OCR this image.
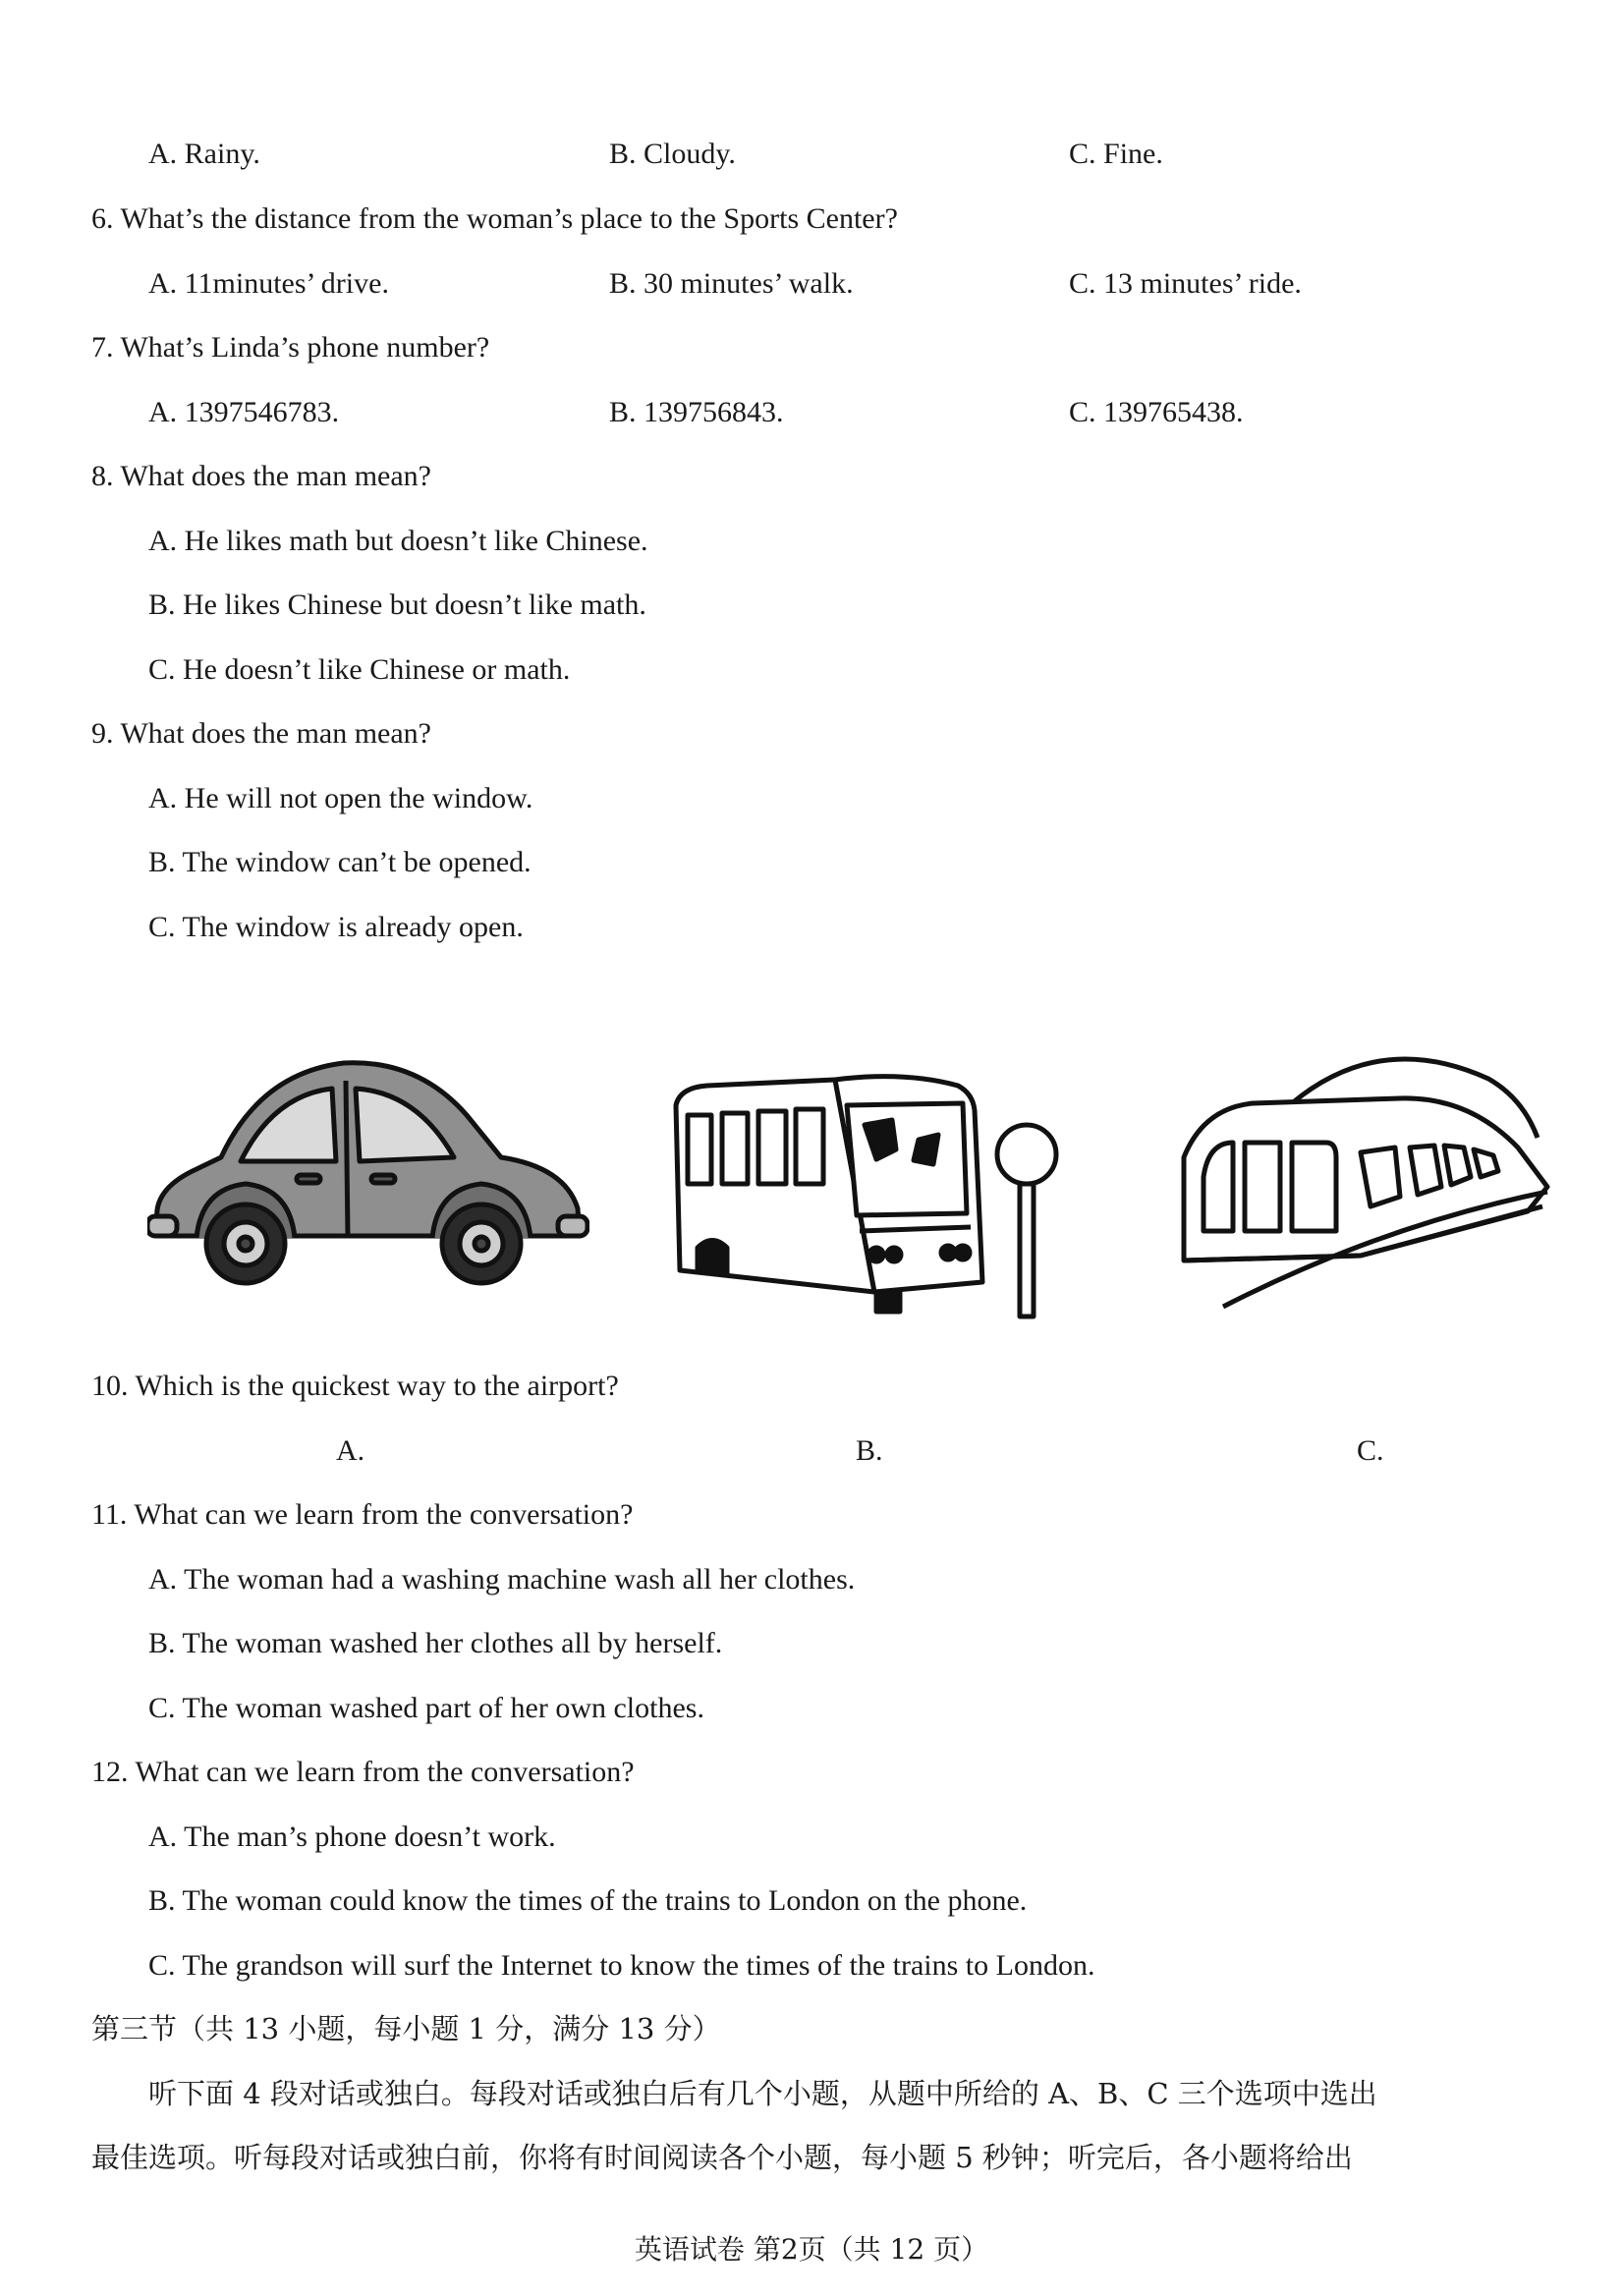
A. Rainy.	B. Cloudy.	C. Fine.
6. What’s the distance from the woman’s place to the Sports Center?
A. 11minutes’ drive.	B. 30 minutes’ walk.	C. 13 minutes’ ride.
7. What’s Linda’s phone number?
A. 1397546783.	B. 139756843.	C. 139765438.
8. What does the man mean?
A. He likes math but doesn’t like Chinese.
B. He likes Chinese but doesn’t like math.
C. He doesn’t like Chinese or math.
9. What does the man mean?
A. He will not open the window.
B. The window can’t be opened.
C. The window is already open.
10. Which is the quickest way to the airport?
A.	B.	C.
11. What can we learn from the conversation?
A. The woman had a washing machine wash all her clothes.
B. The woman washed her clothes all by herself.
C. The woman washed part of her own clothes.
12. What can we learn from the conversation?
A. The man’s phone doesn’t work.
B. The woman could know the times of the trains to London on the phone.
C. The grandson will surf the Internet to know the times of the trains to London.
第三节（共 13 小题，每小题 1 分，满分 13 分）
听下面 4 段对话或独白。每段对话或独白后有几个小题，从题中所给的 A、B、C 三个选项中选出
最佳选项。听每段对话或独白前，你将有时间阅读各个小题，每小题 5 秒钟；听完后，各小题将给出
英语试卷 第2页（共 12 页）
